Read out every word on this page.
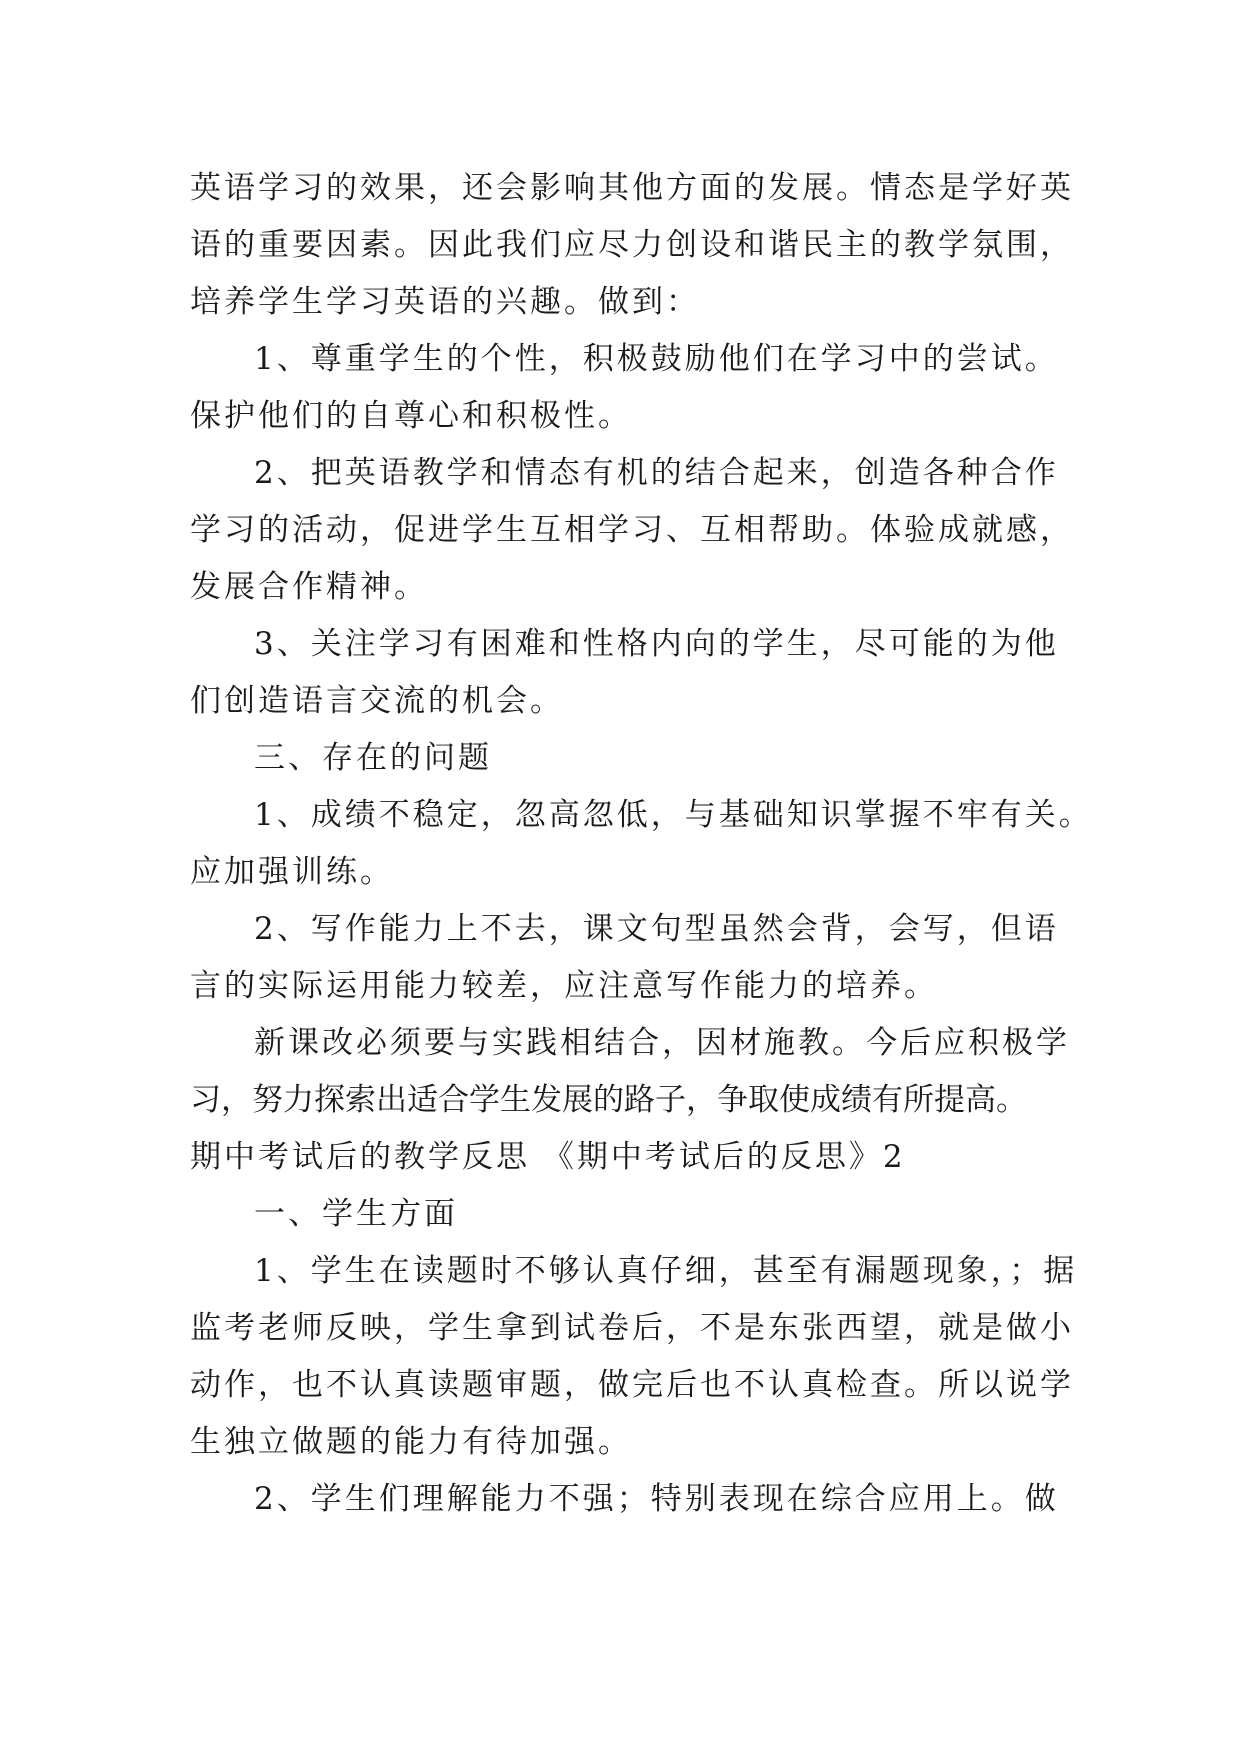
英语学习的效果，还会影响其他方面的发展。情态是学好英
语的重要因素。因此我们应尽力创设和谐民主的教学氛围，
培养学生学习英语的兴趣。做到：
1、尊重学生的个性，积极鼓励他们在学习中的尝试。
保护他们的自尊心和积极性。
2、把英语教学和情态有机的结合起来，创造各种合作
学习的活动，促进学生互相学习、互相帮助。体验成就感，
发展合作精神。
3、关注学习有困难和性格内向的学生，尽可能的为他
们创造语言交流的机会。
三、存在的问题
1、成绩不稳定，忽高忽低，与基础知识掌握不牢有关。
应加强训练。
2、写作能力上不去，课文句型虽然会背，会写，但语
言的实际运用能力较差，应注意写作能力的培养。
新课改必须要与实践相结合，因材施教。今后应积极学
习，努力探索出适合学生发展的路子，争取使成绩有所提高。
期中考试后的教学反思 《期中考试后的反思》2
一、学生方面
1、学生在读题时不够认真仔细，甚至有漏题现象，；据
监考老师反映，学生拿到试卷后，不是东张西望，就是做小
动作，也不认真读题审题，做完后也不认真检查。所以说学
生独立做题的能力有待加强。
2、学生们理解能力不强；特别表现在综合应用上。做
